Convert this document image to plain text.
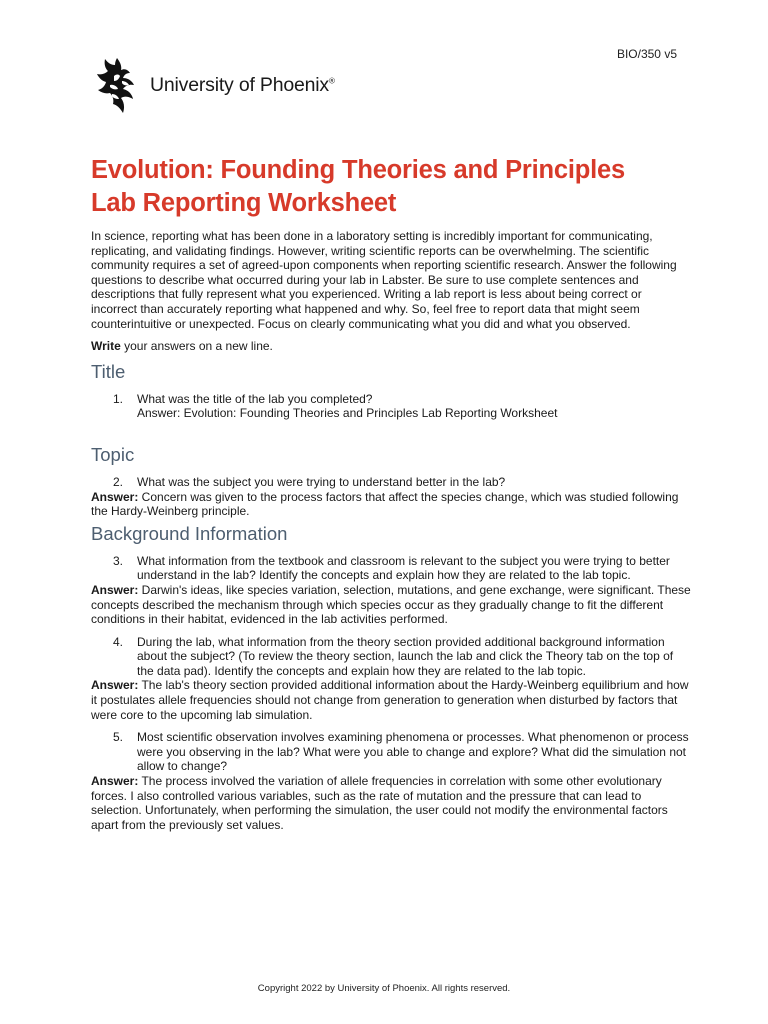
BIO/350 v5
University of Phoenix®
Evolution: Founding Theories and Principles
Lab Reporting Worksheet

In science, reporting what has been done in a laboratory setting is incredibly important for communicating, replicating, and validating findings. However, writing scientific reports can be overwhelming. The scientific community requires a set of agreed-upon components when reporting scientific research. Answer the following questions to describe what occurred during your lab in Labster. Be sure to use complete sentences and descriptions that fully represent what you experienced. Writing a lab report is less about being correct or incorrect than accurately reporting what happened and why. So, feel free to report data that might seem counterintuitive or unexpected. Focus on clearly communicating what you did and what you observed.

Write your answers on a new line.

Title
1. What was the title of the lab you completed?
Answer: Evolution: Founding Theories and Principles Lab Reporting Worksheet
Topic
2. What was the subject you were trying to understand better in the lab?
Answer: Concern was given to the process factors that affect the species change, which was studied following the Hardy-Weinberg principle.
Background Information
3. What information from the textbook and classroom is relevant to the subject you were trying to better understand in the lab? Identify the concepts and explain how they are related to the lab topic.
Answer: Darwin's ideas, like species variation, selection, mutations, and gene exchange, were significant. These concepts described the mechanism through which species occur as they gradually change to fit the different conditions in their habitat, evidenced in the lab activities performed.
4. During the lab, what information from the theory section provided additional background information about the subject? (To review the theory section, launch the lab and click the Theory tab on the top of the data pad). Identify the concepts and explain how they are related to the lab topic.
Answer: The lab's theory section provided additional information about the Hardy-Weinberg equilibrium and how it postulates allele frequencies should not change from generation to generation when disturbed by factors that were core to the upcoming lab simulation.
5. Most scientific observation involves examining phenomena or processes. What phenomenon or process were you observing in the lab? What were you able to change and explore? What did the simulation not allow to change?
Answer: The process involved the variation of allele frequencies in correlation with some other evolutionary forces. I also controlled various variables, such as the rate of mutation and the pressure that can lead to selection. Unfortunately, when performing the simulation, the user could not modify the environmental factors apart from the previously set values.
Copyright 2022 by University of Phoenix. All rights reserved.
